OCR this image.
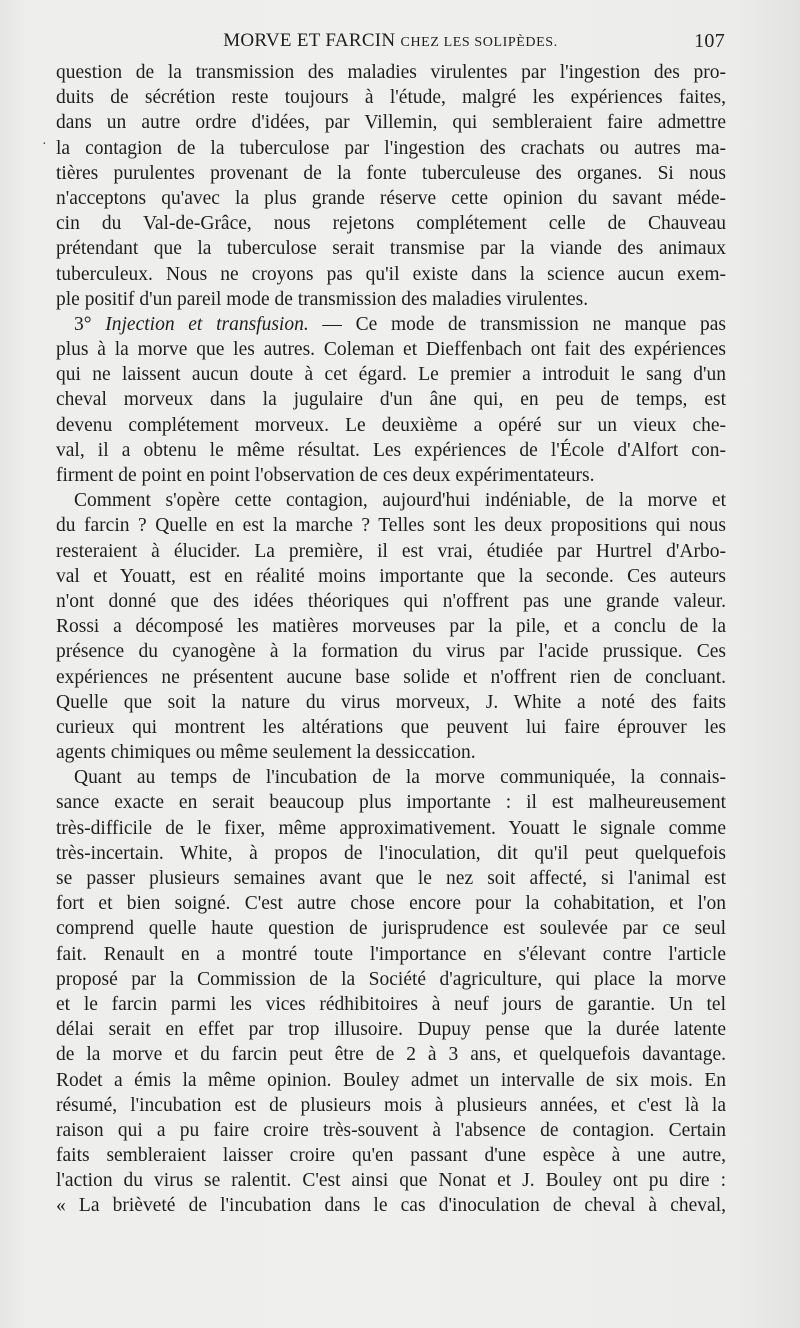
MORVE ET FARCIN CHEZ LES SOLIPÈDES.	107
·
question de la transmission des maladies virulentes par l'ingestion des pro-
duits de sécrétion reste toujours à l'étude, malgré les expériences faites,
dans un autre ordre d'idées, par Villemin, qui sembleraient faire admettre
la contagion de la tuberculose par l'ingestion des crachats ou autres ma-
tières purulentes provenant de la fonte tuberculeuse des organes. Si nous
n'acceptons qu'avec la plus grande réserve cette opinion du savant méde-
cin du Val-de-Grâce, nous rejetons complétement celle de Chauveau
prétendant que la tuberculose serait transmise par la viande des animaux
tuberculeux. Nous ne croyons pas qu'il existe dans la science aucun exem-
ple positif d'un pareil mode de transmission des maladies virulentes.
3° Injection et transfusion. — Ce mode de transmission ne manque pas
plus à la morve que les autres. Coleman et Dieffenbach ont fait des expériences
qui ne laissent aucun doute à cet égard. Le premier a introduit le sang d'un
cheval morveux dans la jugulaire d'un âne qui, en peu de temps, est
devenu complétement morveux. Le deuxième a opéré sur un vieux che-
val, il a obtenu le même résultat. Les expériences de l'École d'Alfort con-
firment de point en point l'observation de ces deux expérimentateurs.
Comment s'opère cette contagion, aujourd'hui indéniable, de la morve et
du farcin ? Quelle en est la marche ? Telles sont les deux propositions qui nous
resteraient à élucider. La première, il est vrai, étudiée par Hurtrel d'Arbo-
val et Youatt, est en réalité moins importante que la seconde. Ces auteurs
n'ont donné que des idées théoriques qui n'offrent pas une grande valeur.
Rossi a décomposé les matières morveuses par la pile, et a conclu de la
présence du cyanogène à la formation du virus par l'acide prussique. Ces
expériences ne présentent aucune base solide et n'offrent rien de concluant.
Quelle que soit la nature du virus morveux, J. White a noté des faits
curieux qui montrent les altérations que peuvent lui faire éprouver les
agents chimiques ou même seulement la dessiccation.
Quant au temps de l'incubation de la morve communiquée, la connais-
sance exacte en serait beaucoup plus importante : il est malheureusement
très-difficile de le fixer, même approximativement. Youatt le signale comme
très-incertain. White, à propos de l'inoculation, dit qu'il peut quelquefois
se passer plusieurs semaines avant que le nez soit affecté, si l'animal est
fort et bien soigné. C'est autre chose encore pour la cohabitation, et l'on
comprend quelle haute question de jurisprudence est soulevée par ce seul
fait. Renault en a montré toute l'importance en s'élevant contre l'article
proposé par la Commission de la Société d'agriculture, qui place la morve
et le farcin parmi les vices rédhibitoires à neuf jours de garantie. Un tel
délai serait en effet par trop illusoire. Dupuy pense que la durée latente
de la morve et du farcin peut être de 2 à 3 ans, et quelquefois davantage.
Rodet a émis la même opinion. Bouley admet un intervalle de six mois. En
résumé, l'incubation est de plusieurs mois à plusieurs années, et c'est là la
raison qui a pu faire croire très-souvent à l'absence de contagion. Certain
faits sembleraient laisser croire qu'en passant d'une espèce à une autre,
l'action du virus se ralentit. C'est ainsi que Nonat et J. Bouley ont pu dire :
« La brièveté de l'incubation dans le cas d'inoculation de cheval à cheval,
